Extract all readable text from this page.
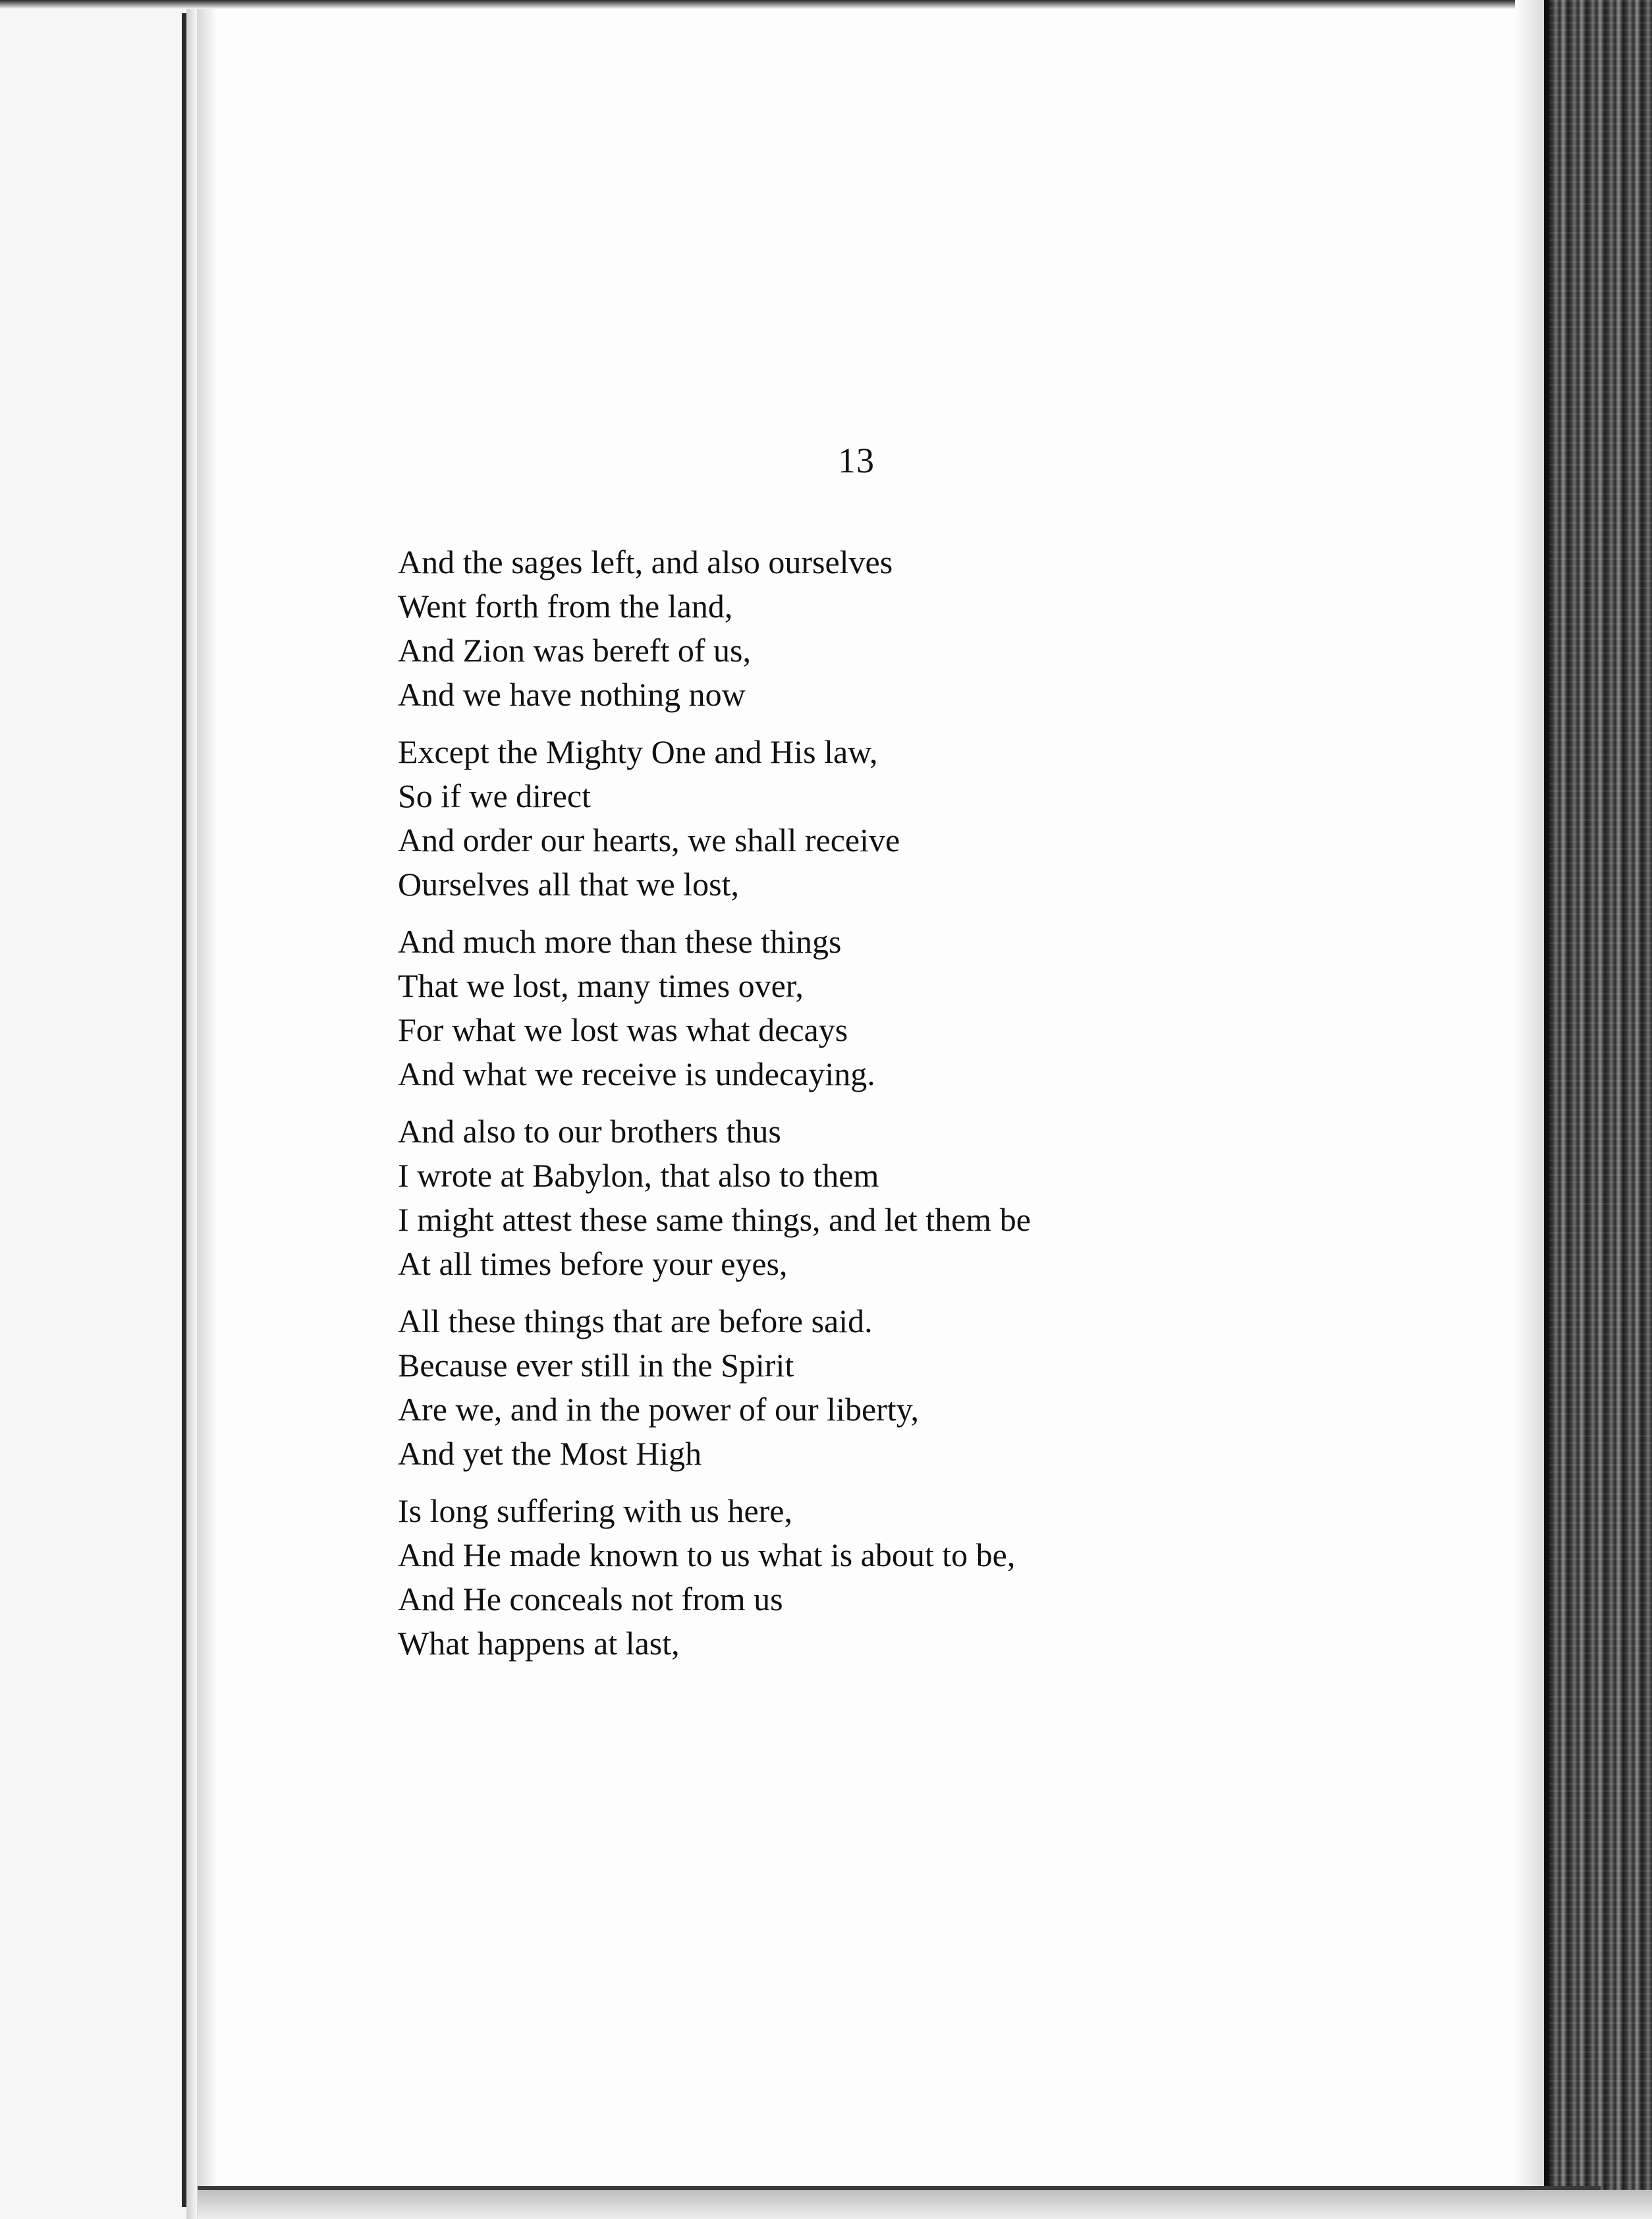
13
And the sages left, and also ourselves
Went forth from the land,
And Zion was bereft of us,
And we have nothing now
Except the Mighty One and His law,
So if we direct
And order our hearts, we shall receive
Ourselves all that we lost,
And much more than these things
That we lost, many times over,
For what we lost was what decays
And what we receive is undecaying.
And also to our brothers thus
I wrote at Babylon, that also to them
I might attest these same things, and let them be
At all times before your eyes,
All these things that are before said.
Because ever still in the Spirit
Are we, and in the power of our liberty,
And yet the Most High
Is long suffering with us here,
And He made known to us what is about to be,
And He conceals not from us
What happens at last,
